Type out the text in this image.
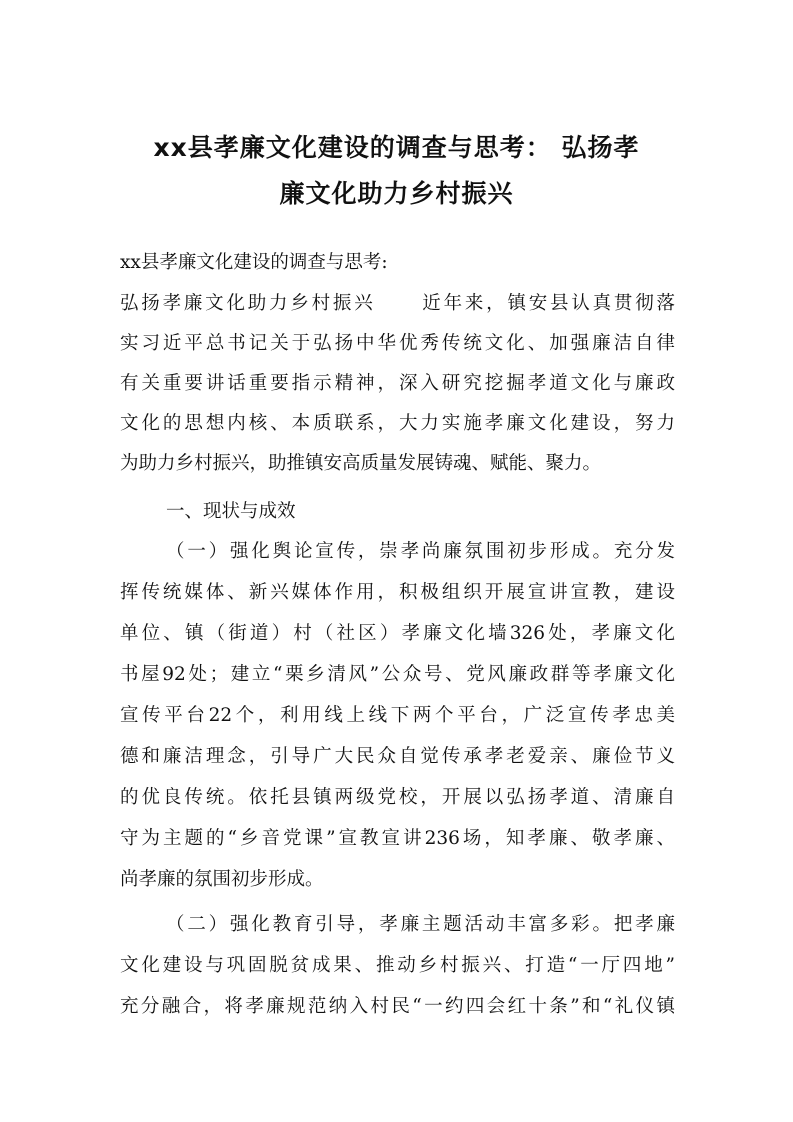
xx县孝廉文化建设的调查与思考： 弘扬孝
廉文化助力乡村振兴
xx县孝廉文化建设的调查与思考:
弘扬孝廉文化助力乡村振兴 近年来，镇安县认真贯彻落
实习近平总书记关于弘扬中华优秀传统文化、加强廉洁自律
有关重要讲话重要指示精神，深入研究挖掘孝道文化与廉政
文化的思想内核、本质联系，大力实施孝廉文化建设，努力
为助力乡村振兴，助推镇安高质量发展铸魂、赋能、聚力。
一、现状与成效
（一）强化舆论宣传，崇孝尚廉氛围初步形成。充分发
挥传统媒体、新兴媒体作用，积极组织开展宣讲宣教，建设
单位、镇（街道）村（社区）孝廉文化墙326处，孝廉文化
书屋92处；建立“栗乡清风”公众号、党风廉政群等孝廉文化
宣传平台22个，利用线上线下两个平台，广泛宣传孝忠美
德和廉洁理念，引导广大民众自觉传承孝老爱亲、廉俭节义
的优良传统。依托县镇两级党校，开展以弘扬孝道、清廉自
守为主题的“乡音党课”宣教宣讲236场，知孝廉、敬孝廉、
尚孝廉的氛围初步形成。
（二）强化教育引导，孝廉主题活动丰富多彩。把孝廉
文化建设与巩固脱贫成果、推动乡村振兴、打造“一厅四地”
充分融合，将孝廉规范纳入村民“一约四会红十条”和“礼仪镇
